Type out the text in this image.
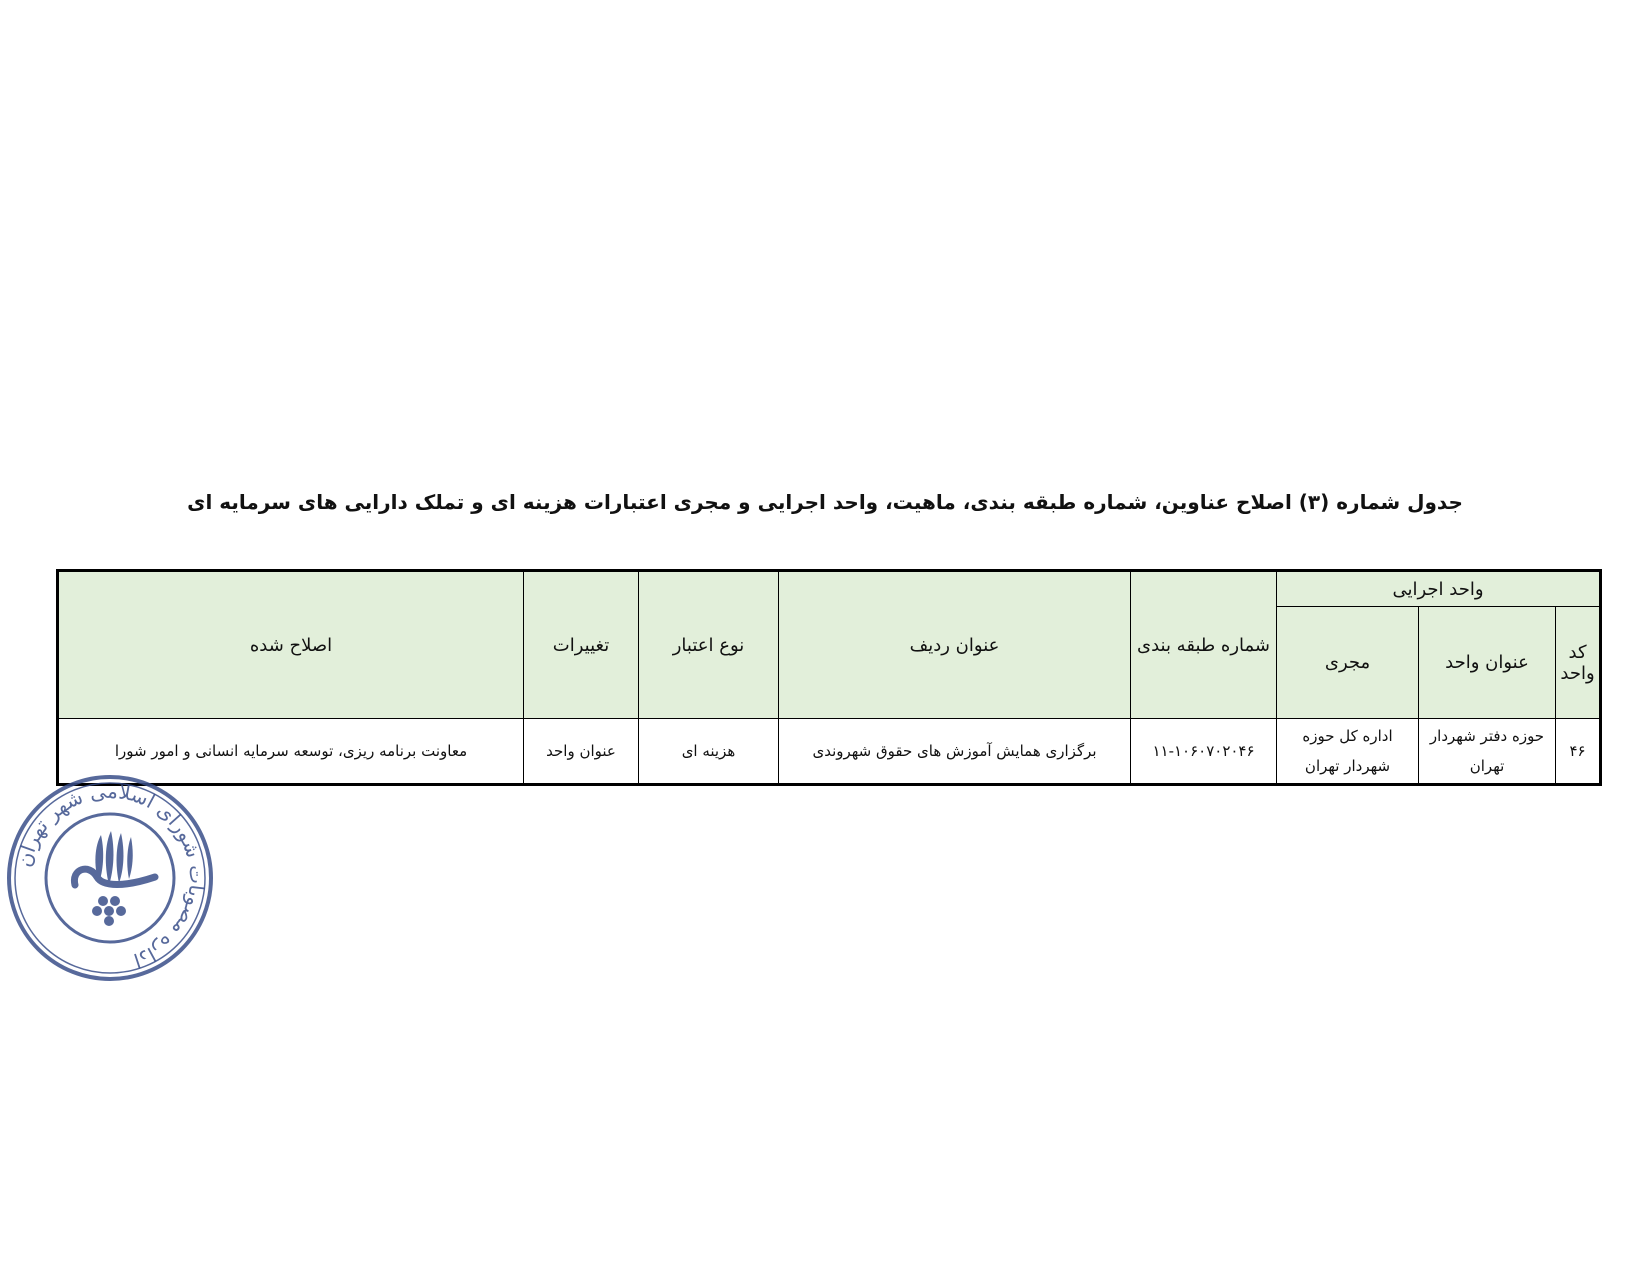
جدول شماره (۳) اصلاح عناوین، شماره طبقه بندی، ماهیت، واحد اجرایی و مجری اعتبارات هزینه ای و تملک دارایی های سرمایه ای
واحد اجرایی			شماره طبقه بندی	عنوان ردیف	نوع اعتبار	تغییرات	اصلاح شده
کد واحد	عنوان واحد	مجری					
۴۶	حوزه دفتر شهردار تهران	اداره کل حوزه شهردار تهران	۱۱-۱۰۶۰۷۰۲۰۴۶	برگزاری همایش آموزش های حقوق شهروندی	هزینه ای	عنوان واحد	معاونت برنامه ریزی، توسعه سرمایه انسانی و امور شورا
اداره مصوبات شورای اسلامی شهر تهران
